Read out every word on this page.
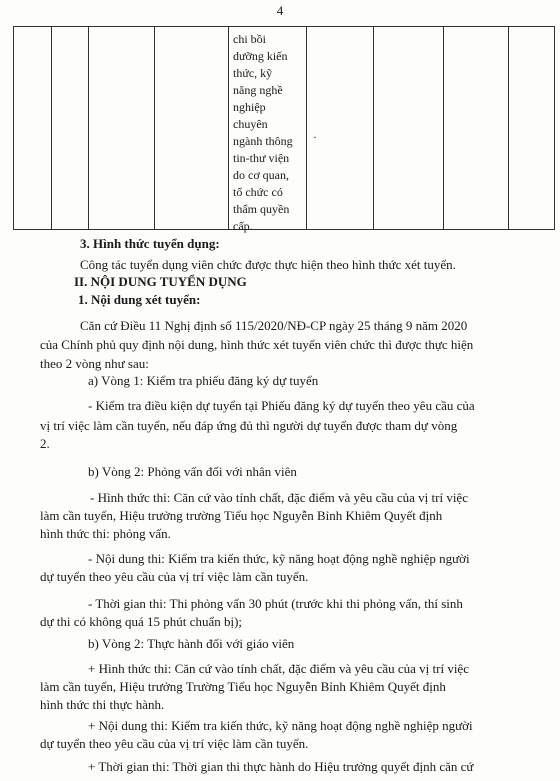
4
chi bồi
dưỡng kiến
thức, kỹ
năng nghề
nghiệp
chuyên
ngành thông
tin-thư viện
do cơ quan,
tổ chức có
thẩm quyền
cấp.
·
3. Hình thức tuyển dụng:
Công tác tuyển dụng viên chức được thực hiện theo hình thức xét tuyển.
II. NỘI DUNG TUYỂN DỤNG
1. Nội dung xét tuyển:
Căn cứ Điều 11 Nghị định số 115/2020/NĐ-CP ngày 25 tháng 9 năm 2020
của Chính phủ quy định nội dung, hình thức xét tuyển viên chức thì được thực hiện
theo 2 vòng như sau:
a) Vòng 1: Kiểm tra phiếu đăng ký dự tuyển
- Kiểm tra điều kiện dự tuyển tại Phiếu đăng ký dự tuyển theo yêu cầu của
vị trí việc làm cần tuyển, nếu đáp ứng đủ thì người dự tuyển được tham dự vòng
2.
b) Vòng 2: Phỏng vấn đối với nhân viên
- Hình thức thi: Căn cứ vào tính chất, đặc điểm và yêu cầu của vị trí việc
làm cần tuyển, Hiệu trưởng trường Tiểu học Nguyễn Bỉnh Khiêm Quyết định
hình thức thi: phỏng vấn.
- Nội dung thi: Kiểm tra kiến thức, kỹ năng hoạt động nghề nghiệp người
dự tuyển theo yêu cầu của vị trí việc làm cần tuyển.
- Thời gian thi: Thi phỏng vấn 30 phút (trước khi thi phỏng vấn, thí sinh
dự thi có không quá 15 phút chuẩn bị);
b) Vòng 2: Thực hành đối với giáo viên
+ Hình thức thi: Căn cứ vào tính chất, đặc điểm và yêu cầu của vị trí việc
làm cần tuyển, Hiệu trưởng Trường Tiểu học Nguyễn Bỉnh Khiêm Quyết định
hình thức thi thực hành.
+ Nội dung thi: Kiểm tra kiến thức, kỹ năng hoạt động nghề nghiệp người
dự tuyển theo yêu cầu của vị trí việc làm cần tuyển.
+ Thời gian thi: Thời gian thi thực hành do Hiệu trưởng quyết định căn cứ
